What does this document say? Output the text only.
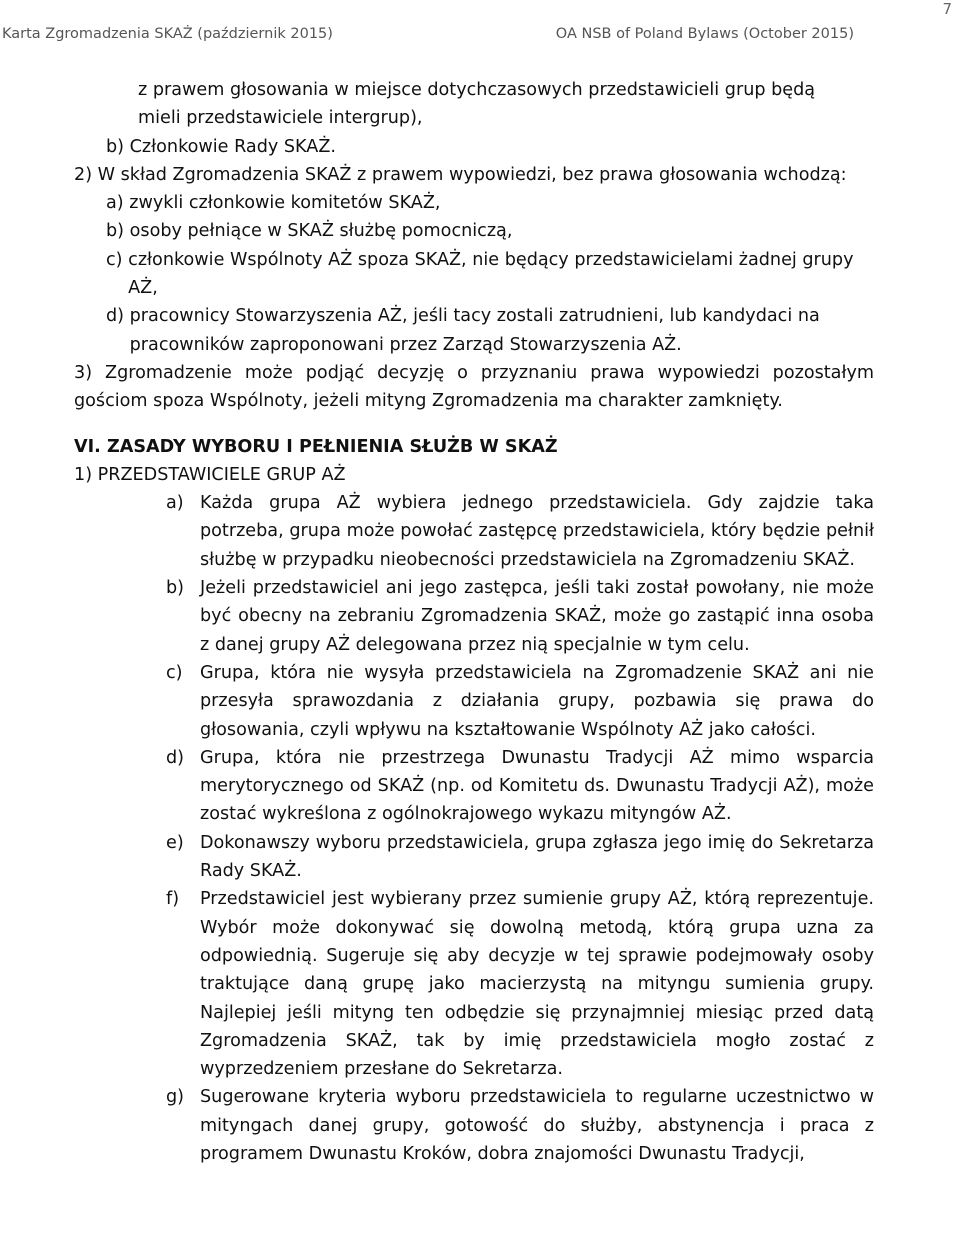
7
Karta Zgromadzenia SKAŻ (październik 2015)	OA NSB of Poland Bylaws (October 2015)

z prawem głosowania w miejsce dotychczasowych przedstawicieli grup będą

mieli przedstawiciele intergrup),

b)
Członkowie Rady SKAŻ.

2) W skład Zgromadzenia SKAŻ z prawem wypowiedzi, bez prawa głosowania wchodzą:

a)
zwykli członkowie komitetów SKAŻ,
b)
osoby pełniące w SKAŻ służbę pomocniczą,
c)
członkowie Wspólnoty AŻ spoza SKAŻ, nie będący przedstawicielami żadnej grupy AŻ,
d)
pracownicy Stowarzyszenia AŻ, jeśli tacy zostali zatrudnieni, lub kandydaci na pracowników zaproponowani przez Zarząd Stowarzyszenia AŻ.

3) Zgromadzenie może podjąć decyzję o przyznaniu prawa wypowiedzi pozostałym gościom spoza Wspólnoty, jeżeli mityng Zgromadzenia ma charakter zamknięty.

VI. ZASADY WYBORU I PEŁNIENIA SŁUŻB W SKAŻ

1) PRZEDSTAWICIELE GRUP AŻ

a) Każda grupa AŻ wybiera jednego przedstawiciela. Gdy zajdzie taka potrzeba, grupa może powołać zastępcę przedstawiciela, który będzie pełnił służbę w przypadku nieobecności przedstawiciela na Zgromadzeniu SKAŻ.
b) Jeżeli przedstawiciel ani jego zastępca, jeśli taki został powołany, nie może być obecny na zebraniu Zgromadzenia SKAŻ, może go zastąpić inna osoba z danej grupy AŻ delegowana przez nią specjalnie w tym celu.
c) Grupa, która nie wysyła przedstawiciela na Zgromadzenie SKAŻ ani nie przesyła sprawozdania z działania grupy, pozbawia się prawa do głosowania, czyli wpływu na kształtowanie Wspólnoty AŻ jako całości.
d) Grupa, która nie przestrzega Dwunastu Tradycji AŻ mimo wsparcia merytorycznego od SKAŻ (np. od Komitetu ds. Dwunastu Tradycji AŻ), może zostać wykreślona z ogólnokrajowego wykazu mityngów AŻ.
e) Dokonawszy wyboru przedstawiciela, grupa zgłasza jego imię do Sekretarza Rady SKAŻ.
f)	Przedstawiciel jest wybierany przez sumienie grupy AŻ, którą reprezentuje. Wybór może dokonywać się dowolną metodą, którą grupa uzna za odpowiednią. Sugeruje się aby decyzje w tej sprawie podejmowały osoby traktujące daną grupę jako macierzystą na mityngu sumienia grupy. Najlepiej jeśli mityng ten odbędzie się przynajmniej miesiąc przed datą Zgromadzenia SKAŻ, tak by imię przedstawiciela mogło zostać z wyprzedzeniem przesłane do Sekretarza.
g) Sugerowane kryteria wyboru przedstawiciela to regularne uczestnictwo w mityngach danej grupy, gotowość do służby, abstynencja i praca z programem Dwunastu Kroków, dobra znajomości Dwunastu Tradycji,
